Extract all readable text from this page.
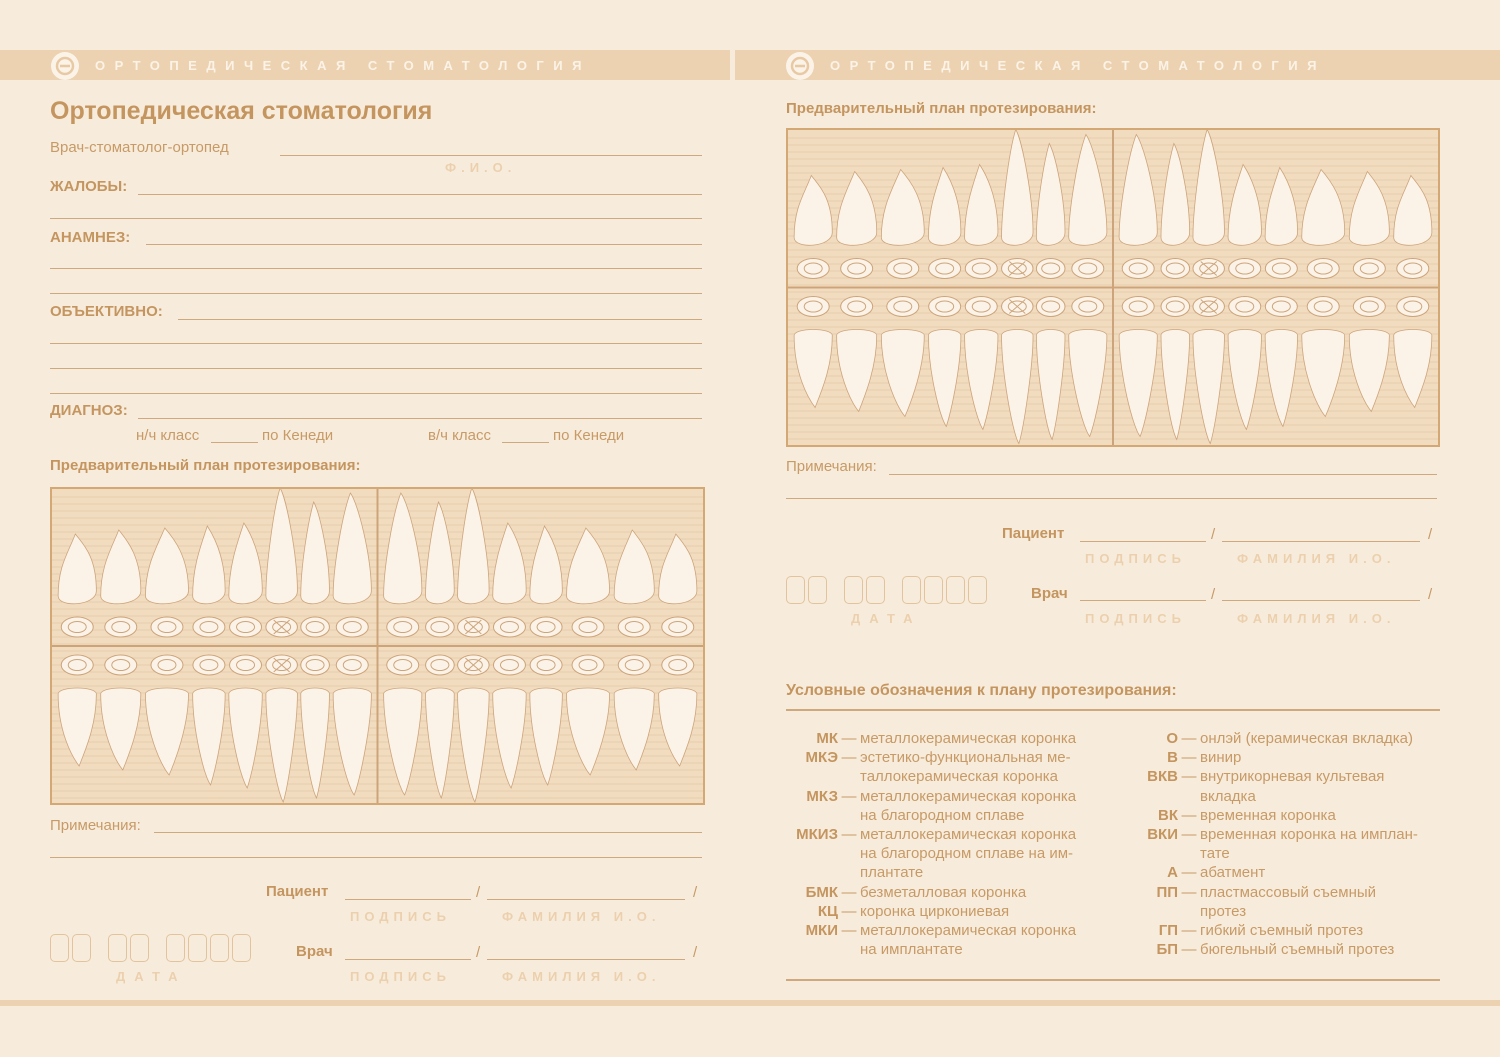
ОРТОПЕДИЧЕСКАЯ СТОМАТОЛОГИЯ	ОРТОПЕДИЧЕСКАЯ СТОМАТОЛОГИЯ
Ортопедическая стоматология
Врач-стоматолог-ортопед
Ф.И.О.
ЖАЛОБЫ:
АНАМНЕЗ:
ОБЪЕКТИВНО:
ДИАГНОЗ:
н/ч класс	по Кенеди	в/ч класс	по Кенеди
Предварительный план протезирования:
Примечания:
Пациент	/	/
ПОДПИСЬ	ФАМИЛИЯ И.О.
ДАТА
Врач	/	/
ПОДПИСЬ	ФАМИЛИЯ И.О.
Предварительный план протезирования:
Примечания:
Пациент	/	/
ПОДПИСЬ	ФАМИЛИЯ И.О.
ДАТА
Врач	/	/
ПОДПИСЬ	ФАМИЛИЯ И.О.
Условные обозначения к плану протезирования:
МК — металлокерамическая коронка
МКЭ — эстетико-функциональная ме-
таллокерамическая коронка
МКЗ — металлокерамическая коронка
на благородном сплаве
МКИЗ — металлокерамическая коронка
на благородном сплаве на им-
плантате
БМК — безметалловая коронка
КЦ — коронка циркониевая
МКИ — металлокерамическая коронка
на имплантате
О — онлэй (керамическая вкладка)
В — винир
ВКВ — внутрикорневая культевая
вкладка
ВК — временная коронка
ВКИ — временная коронка на имплан-
тате
А — абатмент
ПП — пластмассовый съемный
протез
ГП — гибкий съемный протез
БП — бюгельный съемный протез
